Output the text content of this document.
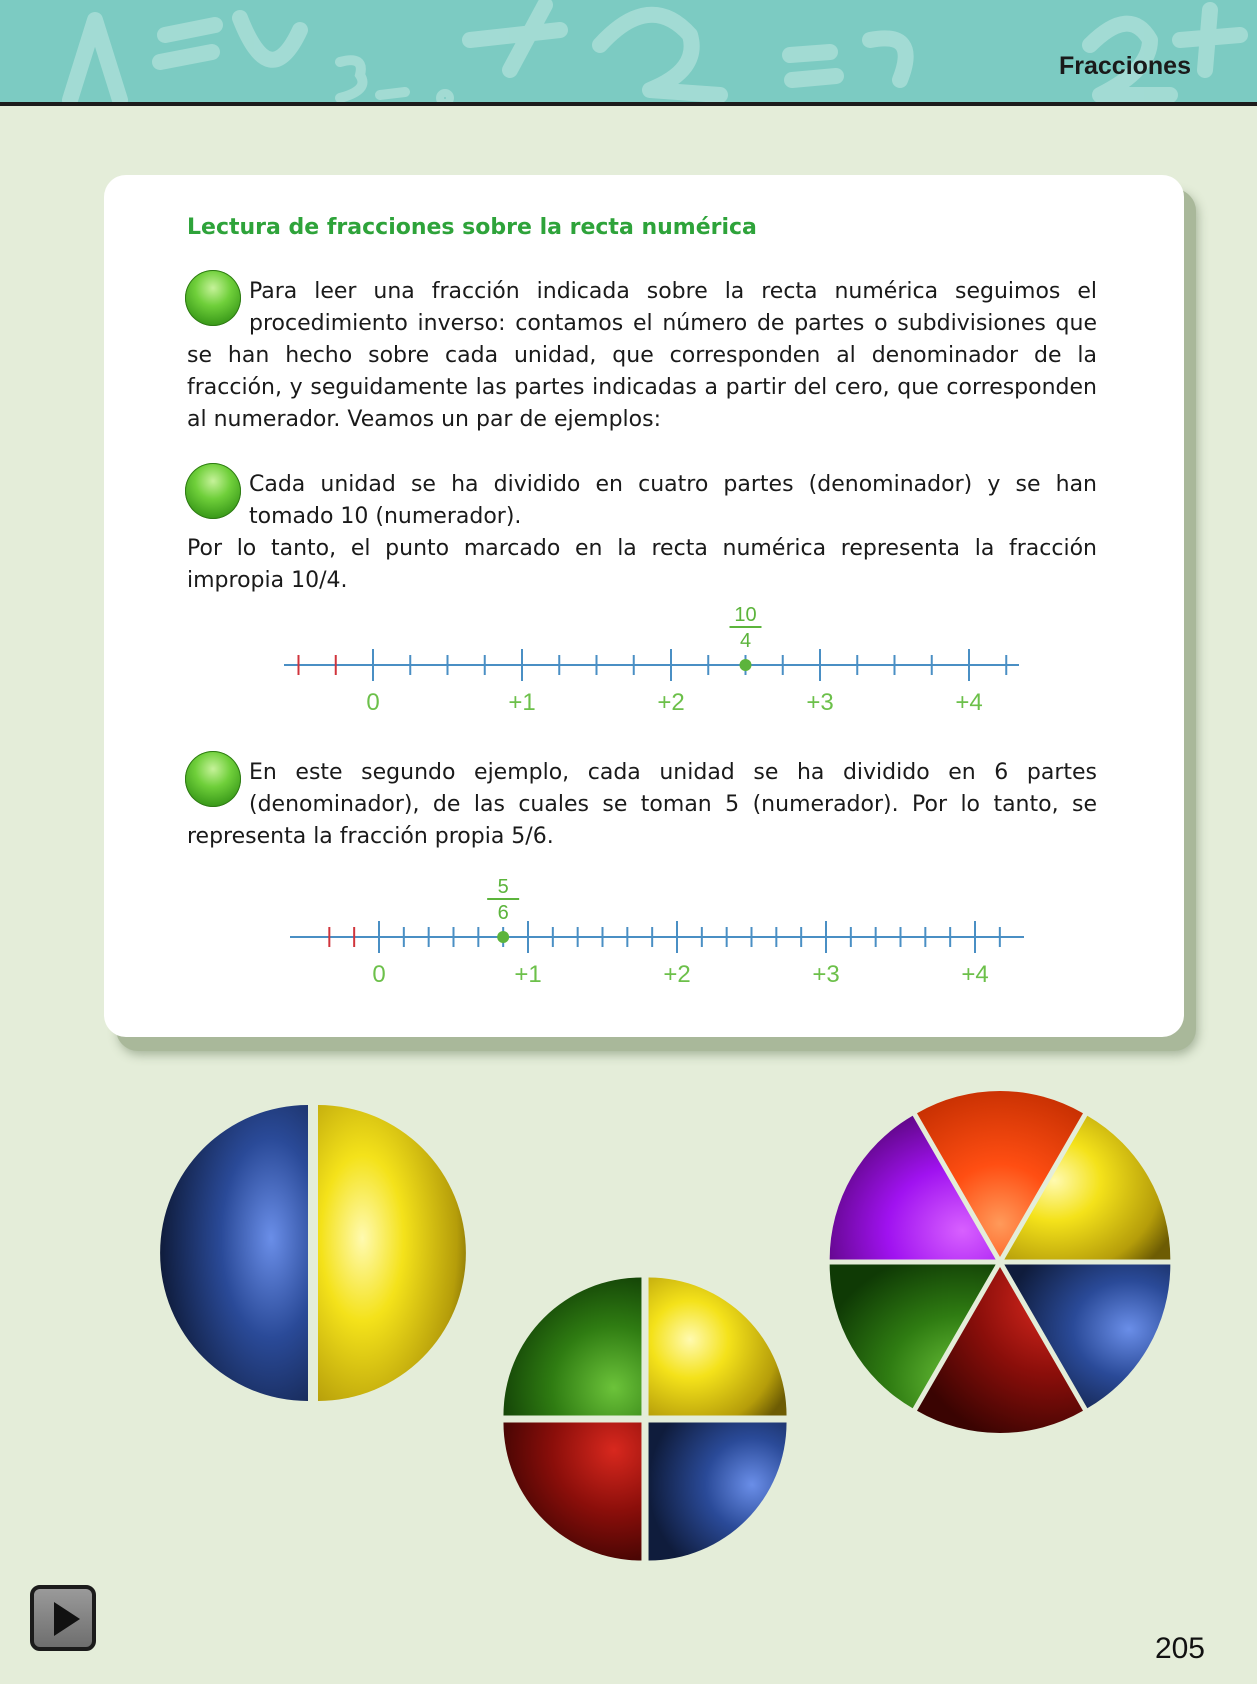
Fracciones
Lectura de fracciones sobre la recta numérica

Para leer una fracción indicada sobre la recta numérica seguimos el procedimiento inverso: contamos el número de partes o subdivisiones que se han hecho sobre cada unidad, que corresponden al denominador de la fracción, y seguidamente las partes indicadas a partir del cero, que corresponden al numerador. Veamos un par de ejemplos:

Cada unidad se ha dividido en cuatro partes (denominador) y se han tomado 10 (numerador).

Por lo tanto, el punto marcado en la recta numérica representa la fracción impropia 10/4.

10
4
0	+1	+2	+3	+4

En este segundo ejemplo, cada unidad se ha dividido en 6 partes (denominador), de las cuales se toman 5 (numerador). Por lo tanto, se representa la fracción propia 5/6.

5
6
0	+1	+2	+3	+4
205
